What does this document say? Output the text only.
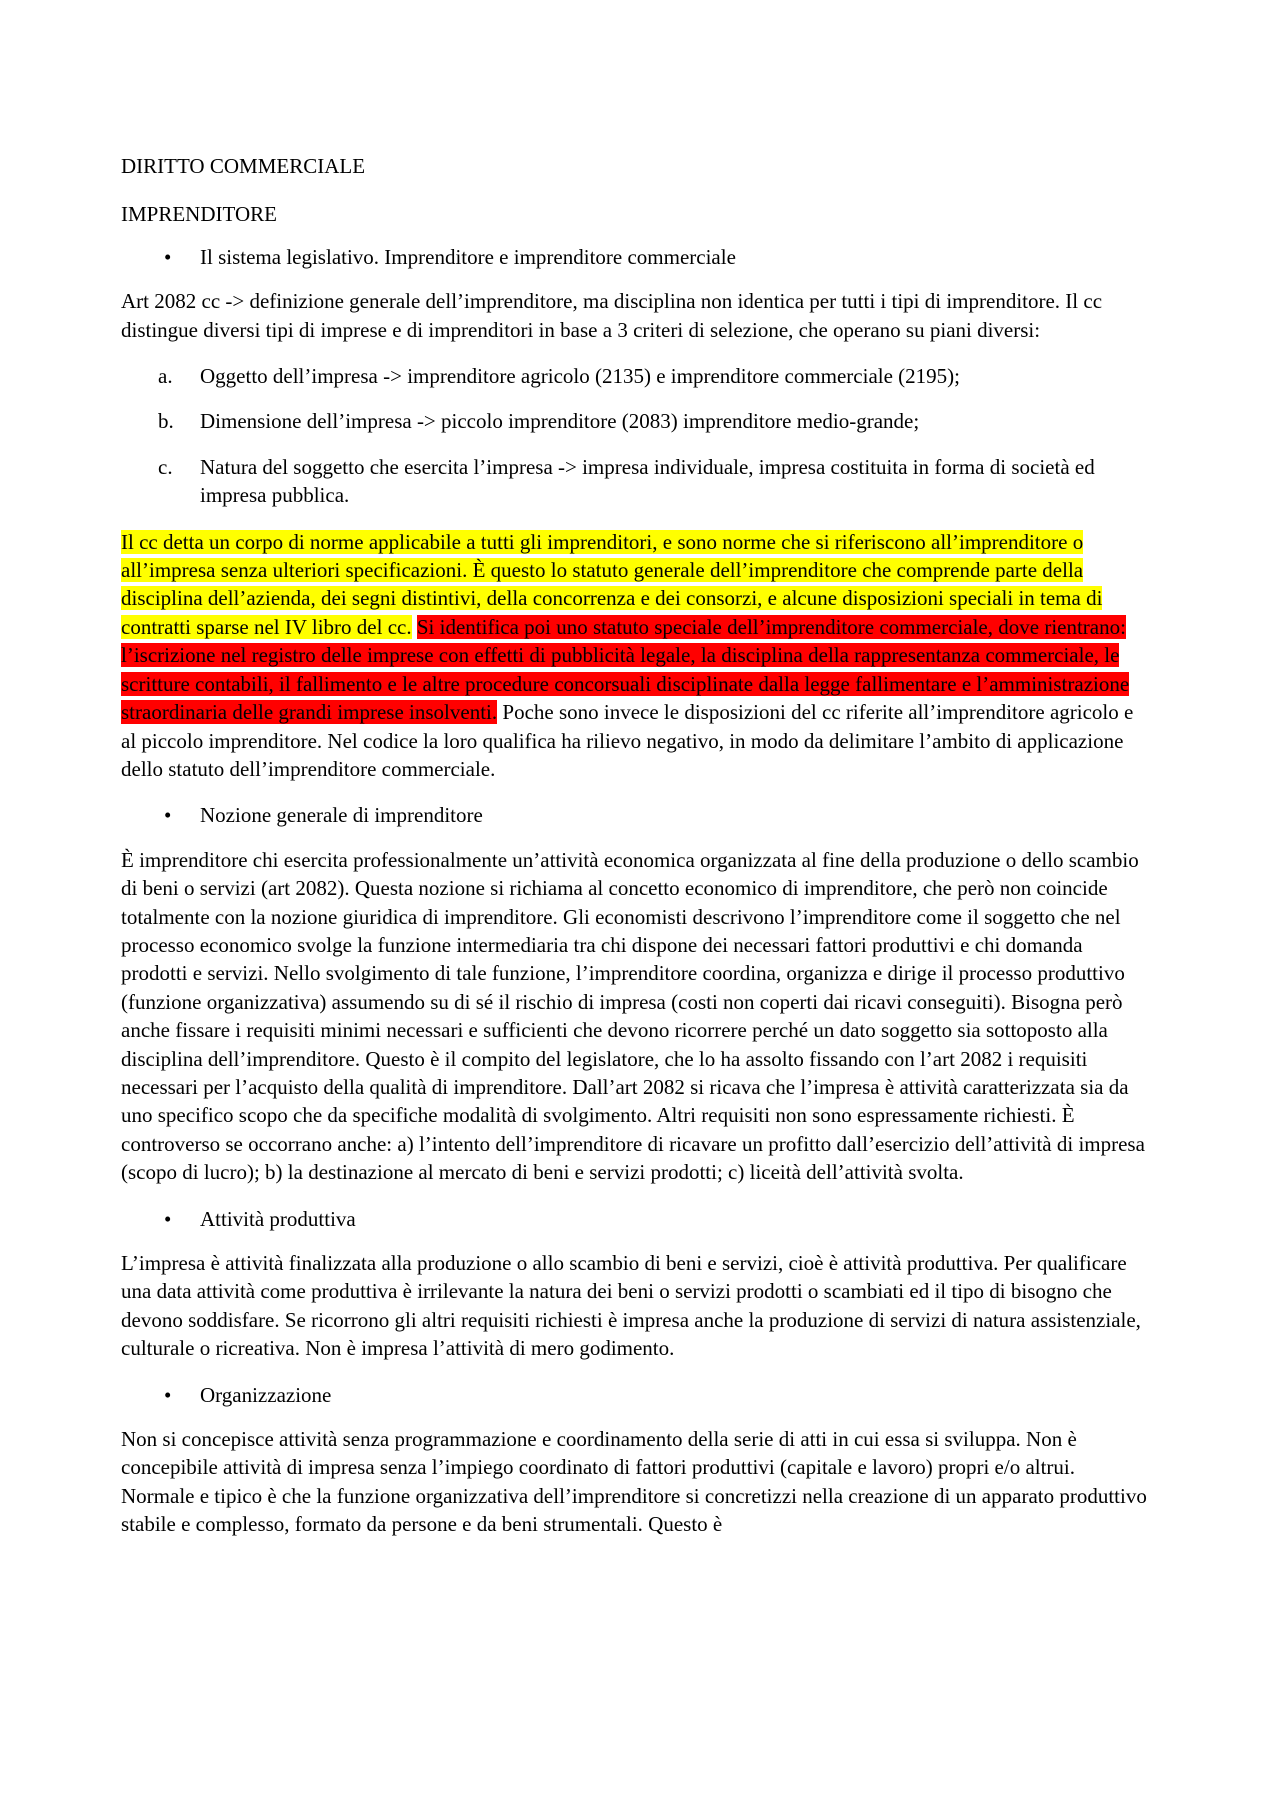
DIRITTO COMMERCIALE
IMPRENDITORE
•	Il sistema legislativo. Imprenditore e imprenditore commerciale
Art 2082 cc -> definizione generale dell’imprenditore, ma disciplina non identica per tutti i tipi di imprenditore. Il cc distingue diversi tipi di imprese e di imprenditori in base a 3 criteri di selezione, che operano su piani diversi:
a.	Oggetto dell’impresa -> imprenditore agricolo (2135) e imprenditore commerciale (2195);
b.	Dimensione dell’impresa -> piccolo imprenditore (2083) imprenditore medio-grande;
c.	Natura del soggetto che esercita l’impresa -> impresa individuale, impresa costituita in forma di società ed impresa pubblica.
Il cc detta un corpo di norme applicabile a tutti gli imprenditori, e sono norme che si riferiscono all’imprenditore o all’impresa senza ulteriori specificazioni. È questo lo statuto generale dell’imprenditore che comprende parte della disciplina dell’azienda, dei segni distintivi, della concorrenza e dei consorzi, e alcune disposizioni speciali in tema di contratti sparse nel IV libro del cc. Si identifica poi uno statuto speciale dell’imprenditore commerciale, dove rientrano: l’iscrizione nel registro delle imprese con effetti di pubblicità legale, la disciplina della rappresentanza commerciale, le scritture contabili, il fallimento e le altre procedure concorsuali disciplinate dalla legge fallimentare e l’amministrazione straordinaria delle grandi imprese insolventi. Poche sono invece le disposizioni del cc riferite all’imprenditore agricolo e al piccolo imprenditore. Nel codice la loro qualifica ha rilievo negativo, in modo da delimitare l’ambito di applicazione dello statuto dell’imprenditore commerciale.
•	Nozione generale di imprenditore
È imprenditore chi esercita professionalmente un’attività economica organizzata al fine della produzione o dello scambio di beni o servizi (art 2082). Questa nozione si richiama al concetto economico di imprenditore, che però non coincide totalmente con la nozione giuridica di imprenditore. Gli economisti descrivono l’imprenditore come il soggetto che nel processo economico svolge la funzione intermediaria tra chi dispone dei necessari fattori produttivi e chi domanda prodotti e servizi. Nello svolgimento di tale funzione, l’imprenditore coordina, organizza e dirige il processo produttivo (funzione organizzativa) assumendo su di sé il rischio di impresa (costi non coperti dai ricavi conseguiti). Bisogna però anche fissare i requisiti minimi necessari e sufficienti che devono ricorrere perché un dato soggetto sia sottoposto alla disciplina dell’imprenditore. Questo è il compito del legislatore, che lo ha assolto fissando con l’art 2082 i requisiti necessari per l’acquisto della qualità di imprenditore. Dall’art 2082 si ricava che l’impresa è attività caratterizzata sia da uno specifico scopo che da specifiche modalità di svolgimento. Altri requisiti non sono espressamente richiesti. È controverso se occorrano anche: a) l’intento dell’imprenditore di ricavare un profitto dall’esercizio dell’attività di impresa (scopo di lucro); b) la destinazione al mercato di beni e servizi prodotti; c) liceità dell’attività svolta.
•	Attività produttiva
L’impresa è attività finalizzata alla produzione o allo scambio di beni e servizi, cioè è attività produttiva. Per qualificare una data attività come produttiva è irrilevante la natura dei beni o servizi prodotti o scambiati ed il tipo di bisogno che devono soddisfare. Se ricorrono gli altri requisiti richiesti è impresa anche la produzione di servizi di natura assistenziale, culturale o ricreativa. Non è impresa l’attività di mero godimento.
•	Organizzazione
Non si concepisce attività senza programmazione e coordinamento della serie di atti in cui essa si sviluppa. Non è concepibile attività di impresa senza l’impiego coordinato di fattori produttivi (capitale e lavoro) propri e/o altrui. Normale e tipico è che la funzione organizzativa dell’imprenditore si concretizzi nella creazione di un apparato produttivo stabile e complesso, formato da persone e da beni strumentali. Questo è
